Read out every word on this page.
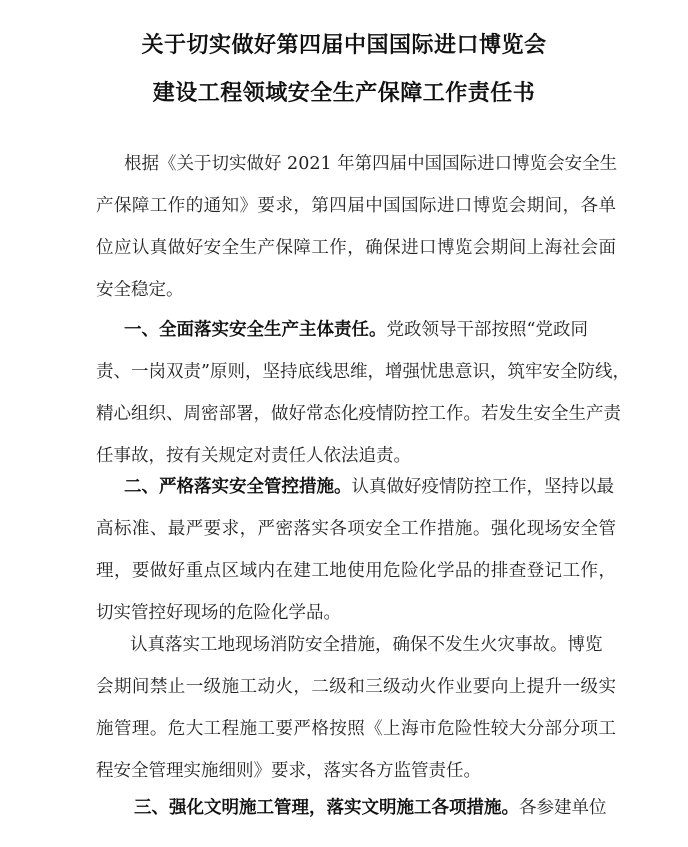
关于切实做好第四届中国国际进口博览会
建设工程领域安全生产保障工作责任书
根据《关于切实做好 2021 年第四届中国国际进口博览会安全生
产保障工作的通知》要求，第四届中国国际进口博览会期间，各单
位应认真做好安全生产保障工作，确保进口博览会期间上海社会面
安全稳定。
一、全面落实安全生产主体责任。党政领导干部按照“党政同
责、一岗双责”原则，坚持底线思维，增强忧患意识，筑牢安全防线，
精心组织、周密部署，做好常态化疫情防控工作。若发生安全生产责
任事故，按有关规定对责任人依法追责。
二、严格落实安全管控措施。认真做好疫情防控工作，坚持以最
高标准、最严要求，严密落实各项安全工作措施。强化现场安全管
理，要做好重点区域内在建工地使用危险化学品的排查登记工作，
切实管控好现场的危险化学品。
认真落实工地现场消防安全措施，确保不发生火灾事故。博览
会期间禁止一级施工动火，二级和三级动火作业要向上提升一级实
施管理。危大工程施工要严格按照《上海市危险性较大分部分项工
程安全管理实施细则》要求，落实各方监管责任。
三、强化文明施工管理，落实文明施工各项措施。各参建单位
